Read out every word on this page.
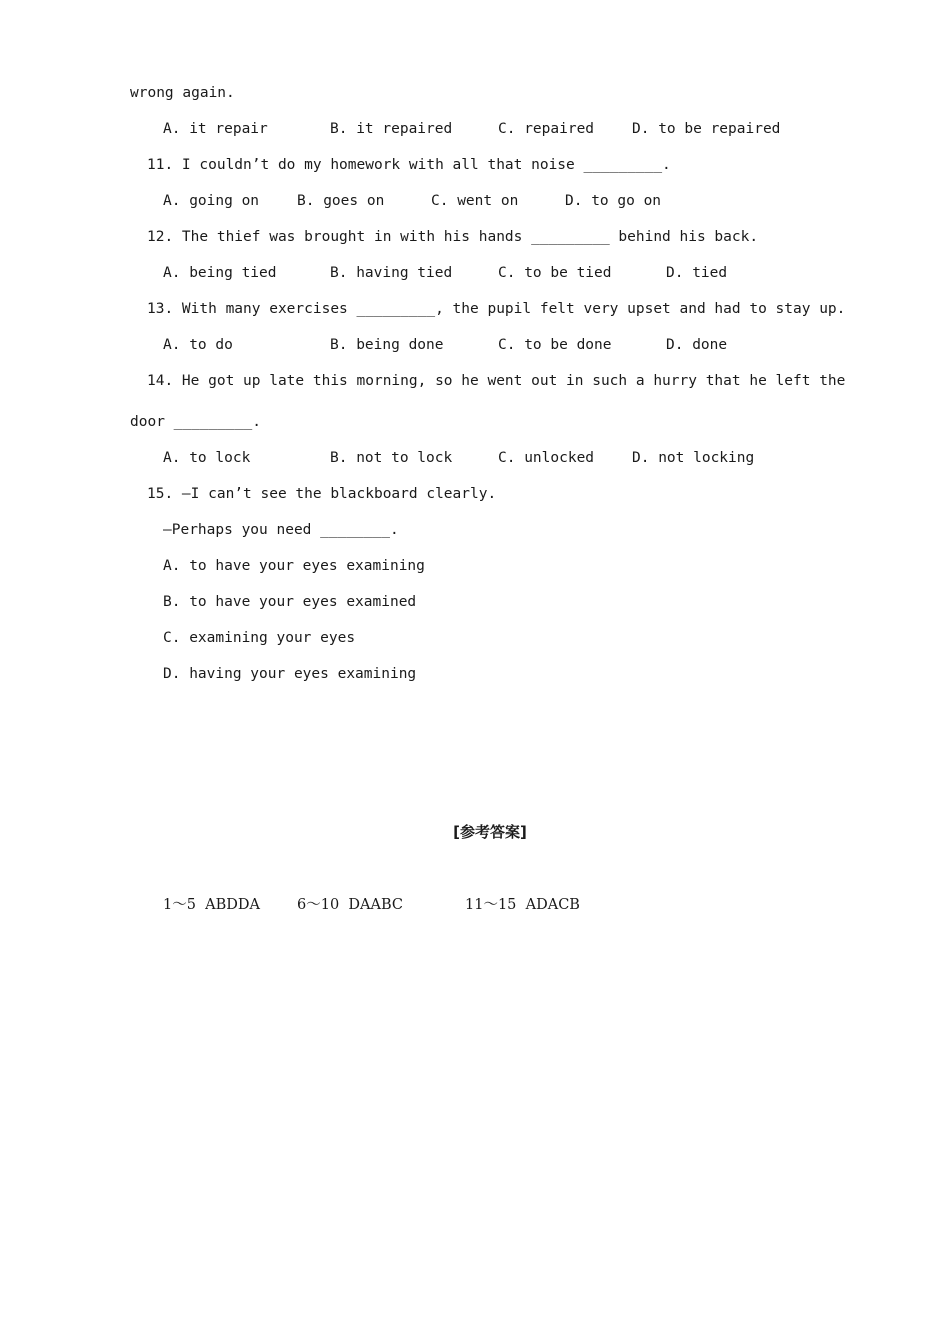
wrong again.
A. it repair	B. it repaired	C. repaired	D. to be repaired
11. I couldn’t do my homework with all that noise _________.
A. going on	B. goes on	C. went on	D. to go on
12. The thief was brought in with his hands _________ behind his back.
A. being tied	B. having tied	C. to be tied	D. tied
13. With many exercises _________, the pupil felt very upset and had to stay up.
A. to do	B. being done	C. to be done	D. done
14. He got up late this morning, so he went out in such a hurry that he left the
door _________.
A. to lock	B. not to lock	C. unlocked	D. not locking
15. —I can’t see the blackboard clearly.
—Perhaps you need ________.
A. to have your eyes examining
B. to have your eyes examined
C. examining your eyes
D. having your eyes examining
[参考答案]
1～5  ABDDA	6～10  DAABC	11～15  ADACB
